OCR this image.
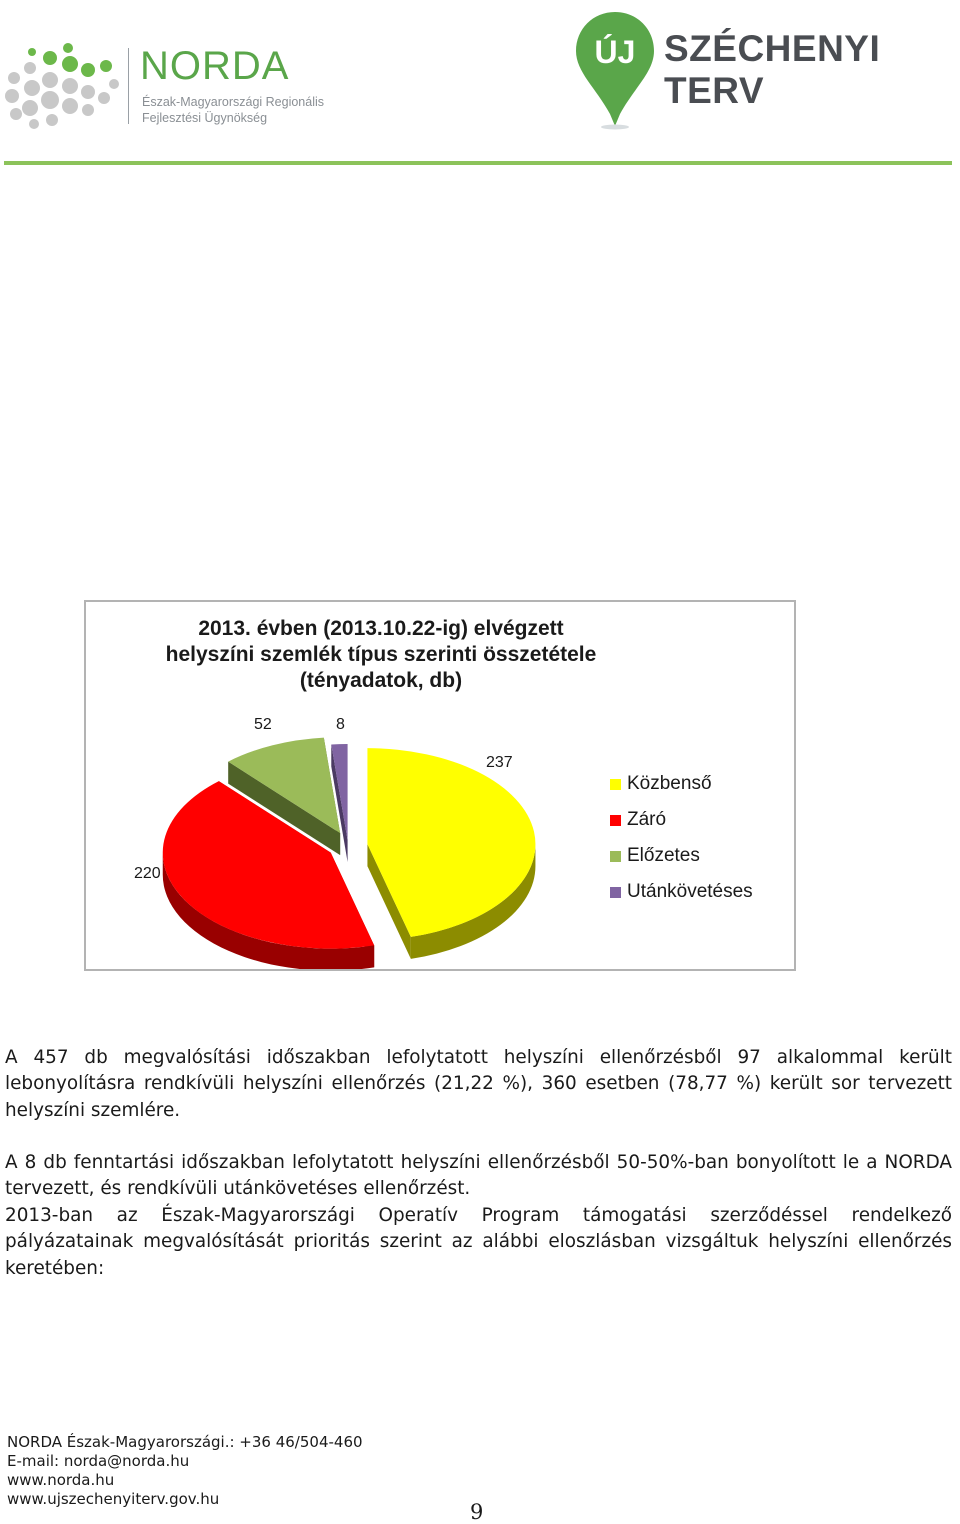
NORDA
Észak-Magyarországi Regionális
Fejlesztési Ügynökség
ÚJ SZÉCHENYI TERV
2013. évben (2013.10.22-ig) elvégzett
helyszíni szemlék típus szerinti összetétele
(tényadatok, db)
237
220
52	8
Közbenső
Záró
Előzetes
Utánkövetéses

A 457 db megvalósítási időszakban lefolytatott helyszíni ellenőrzésből 97 alkalommal került lebonyolításra rendkívüli helyszíni ellenőrzés (21,22 %), 360 esetben (78,77 %) került sor tervezett helyszíni szemlére.

A 8 db fenntartási időszakban lefolytatott helyszíni ellenőrzésből 50-50%-ban bonyolított le a NORDA tervezett, és rendkívüli utánkövetéses ellenőrzést.

2013-ban az Észak-Magyarországi Operatív Program támogatási szerződéssel rendelkező pályázatainak megvalósítását prioritás szerint az alábbi eloszlásban vizsgáltuk helyszíni ellenőrzés keretében:

NORDA Észak-Magyarországi.: +36 46/504-460
E-mail: norda@norda.hu
www.norda.hu
www.ujszechenyiterv.gov.hu
9
